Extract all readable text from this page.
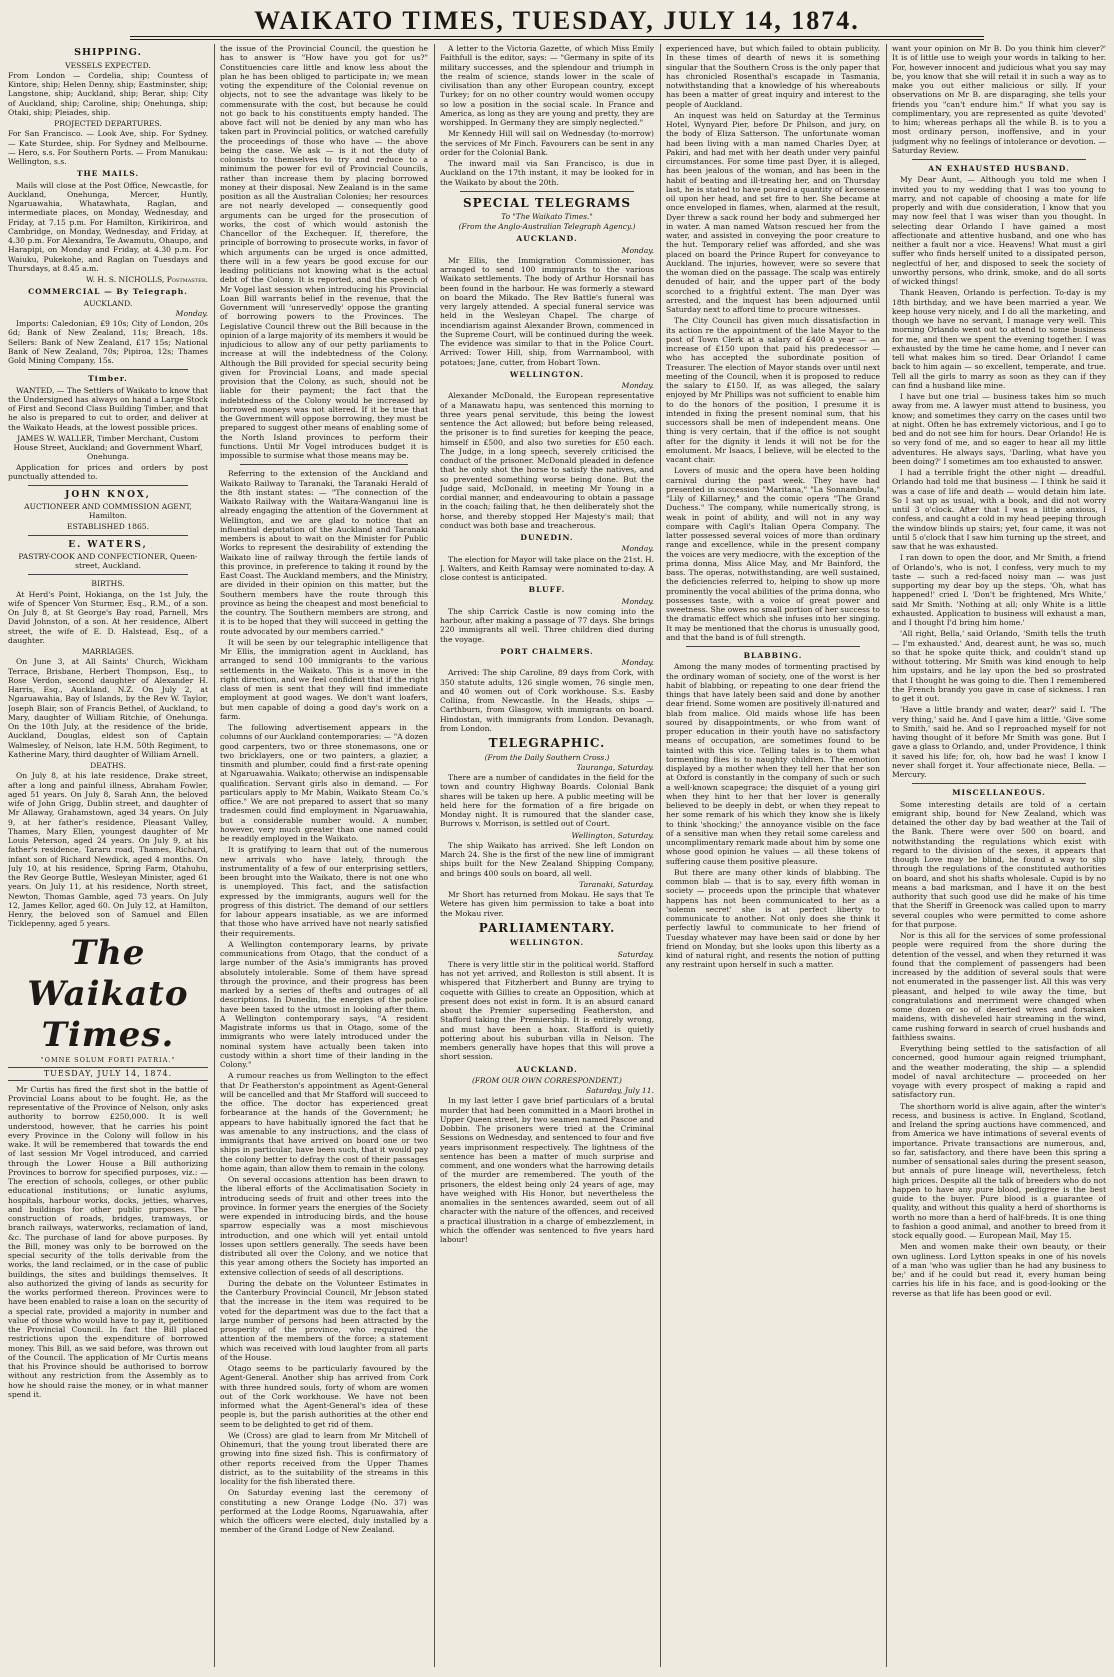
WAIKATO TIMES, TUESDAY, JULY 14, 1874.
SHIPPING.
VESSELS EXPECTED.

From London — Cordelia, ship; Countess of Kintore, ship; Helen Denny, ship; Eastminster, ship; Langstone, ship; Auckland, ship; Berar, ship; City of Auckland, ship; Caroline, ship; Onehunga, ship; Otaki, ship; Pleiades, ship.

PROJECTED DEPARTURES.

For San Francisco. — Look Ave, ship. For Sydney. — Kate Sturdee, ship. For Sydney and Melbourne. — Hero, s.s. For Southern Ports. — From Manukau: Wellington, s.s.

THE MAILS.

Mails will close at the Post Office, Newcastle, for Auckland, Onehunga, Mercer, Huntly, Ngaruawahia, Whatawhata, Raglan, and intermediate places, on Monday, Wednesday, and Friday, at 7.15 p.m. For Hamilton, Kirikiriroa, and Cambridge, on Monday, Wednesday, and Friday, at 4.30 p.m. For Alexandra, Te Awamutu, Ohaupo, and Harapipi, on Monday and Friday, at 4.30 p.m. For Waiuku, Pukekohe, and Raglan on Tuesdays and Thursdays, at 8.45 a.m.

W. H. S. NICHOLLS, Postmaster.
COMMERCIAL — By Telegraph.
AUCKLAND.
Monday.

Imports: Caledonian, £9 10s; City of London, 20s 6d; Bank of New Zealand, 11s; Breach, 18s. Sellers: Bank of New Zealand, £17 15s; National Bank of New Zealand, 70s; Pipiroa, 12s; Thames Gold Mining Company, 15s.

Timber.

WANTED, — The Settlers of Waikato to know that the Undersigned has always on hand a Large Stock of First and Second Class Building Timber, and that he also is prepared to cut to order, and deliver at the Waikato Heads, at the lowest possible prices.

JAMES W. WALLER, Timber Merchant, Custom House Street, Auckland; and Government Wharf, Onehunga.

Application for prices and orders by post punctually attended to.

JOHN KNOX,
AUCTIONEER AND COMMISSION AGENT, Hamilton.
ESTABLISHED 1865.
E. WATERS,
PASTRY-COOK AND CONFECTIONER, Queen-street, Auckland.
BIRTHS.

At Herd's Point, Hokianga, on the 1st July, the wife of Spencer Von Sturmer, Esq., R.M., of a son. On July 8, at St George's Bay road, Parnell, Mrs David Johnston, of a son. At her residence, Albert street, the wife of E. D. Halstead, Esq., of a daughter.

MARRIAGES.

On June 3, at All Saints' Church, Wickham Terrace, Brisbane, Herbert Thompson, Esq., to Rose Verdon, second daughter of Alexander H. Harris, Esq., Auckland, N.Z. On July 2, at Ngaruawahia, Bay of Islands, by the Rev W. Taylor, Joseph Blair, son of Francis Bethel, of Auckland, to Mary, daughter of William Ritchie, of Onehunga. On the 10th July, at the residence of the bride, Auckland, Douglas, eldest son of Captain Walmesley, of Nelson, late H.M. 50th Regiment, to Katherine Mary, third daughter of William Arnell.

DEATHS.

On July 8, at his late residence, Drake street, after a long and painful illness, Abraham Fowler, aged 51 years. On July 8, Sarah Ann, the beloved wife of John Grigg, Dublin street, and daughter of Mr Allaway, Grahamstown, aged 34 years. On July 9, at her father's residence, Pleasant Valley, Thames, Mary Ellen, youngest daughter of Mr Louis Peterson, aged 24 years. On July 9, at his father's residence, Tararu road, Thames, Richard, infant son of Richard Newdick, aged 4 months. On July 10, at his residence, Spring Farm, Otahuhu, the Rev George Buttle, Wesleyan Minister, aged 61 years. On July 11, at his residence, North street, Newton, Thomas Gamble, aged 73 years. On July 12, James Kellor, aged 60. On July 12, at Hamilton, Henry, the beloved son of Samuel and Ellen Ticklepenny, aged 5 years.

The Waikato Times.
"OMNE SOLUM FORTI PATRIA."
TUESDAY, JULY 14, 1874.

Mr Curtis has fired the first shot in the battle of Provincial Loans about to be fought. He, as the representative of the Province of Nelson, only asks authority to borrow £250,000. It is well understood, however, that he carries his point every Province in the Colony will follow in his wake. It will be remembered that towards the end of last session Mr Vogel introduced, and carried through the Lower House a Bill authorizing Provinces to borrow for specified purposes, viz.: — The erection of schools, colleges, or other public educational institutions; or lunatic asylums, hospitals, harbour works, docks, jetties, wharves, and buildings for other public purposes. The construction of roads, bridges, tramways, or branch railways, waterworks, reclamation of land, &c. The purchase of land for above purposes. By the Bill, money was only to be borrowed on the special security of the tolls derivable from the works, the land reclaimed, or in the case of public buildings, the sites and buildings themselves. It also authorized the giving of lands as security for the works performed thereon. Provinces were to have been enabled to raise a loan on the security of a special rate, provided a majority in number and value of those who would have to pay it, petitioned the Provincial Council. In fact the Bill placed restrictions upon the expenditure of borrowed money. This Bill, as we said before, was thrown out of the Council. The application of Mr Curtis means that his Province should be authorised to borrow without any restriction from the Assembly as to how he should raise the money, or in what manner spend it.

the issue of the Provincial Council, the question he has to answer is "How have you got for us?" Constituencies care little and know less about the plan he has been obliged to participate in; we mean voting the expenditure of the Colonial revenue on objects, not to see the advantage was likely to be commensurate with the cost, but because he could not go back to his constituents empty handed. The above fact will not be denied by any man who has taken part in Provincial politics, or watched carefully the proceedings of those who have — the above being the case. We ask — is it not the duty of colonists to themselves to try and reduce to a minimum the power for evil of Provincial Councils, rather than increase them by placing borrowed money at their disposal. New Zealand is in the same position as all the Australian Colonies; her resources are not nearly developed — consequently good arguments can be urged for the prosecution of works, the cost of which would astonish the Chancellor of the Exchequer. If, therefore, the principle of borrowing to prosecute works, in favor of which arguments can be urged is once admitted, there will in a few years be good excuse for our leading politicians not knowing what is the actual debt of the Colony. It is reported, and the speech of Mr Vogel last session when introducing his Provincial Loan Bill warrants belief in the revenue, that the Government will 'unreservedly' oppose the granting of borrowing powers to the Provinces. The Legislative Council threw out the Bill because in the opinion of a large majority of its members it would be injudicious to allow any of our petty parliaments to increase at will the indebtedness of the Colony. Although the Bill provided for special security being given for Provincial Loans, and made special provision that the Colony, as such, should not be liable for their payment; the fact that the indebtedness of the Colony would be increased by borrowed moneys was not altered. If it be true that the Government will oppose borrowing, they must be prepared to suggest other means of enabling some of the North Island provinces to perform their functions. Until Mr Vogel introduces budget it is impossible to surmise what those means may be.

Referring to the extension of the Auckland and Waikato Railway to Taranaki, the Taranaki Herald of the 8th instant states: — "The connection of the Waikato Railway with the Waitara-Wanganui line is already engaging the attention of the Government at Wellington, and we are glad to notice that an influential deputation of the Auckland and Taranaki members is about to wait on the Minister for Public Works to represent the desirability of extending the Waikato line of railway through the fertile lands of this province, in preference to taking it round by the East Coast. The Auckland members, and the Ministry, are divided in their opinion on this matter, but the Southern members have the route through this province as being the cheapest and most beneficial to the country. The Southern members are strong, and it is to be hoped that they will succeed in getting the route advocated by our members carried."

It will be seen by our telegraphic intelligence that Mr Ellis, the immigration agent in Auckland, has arranged to send 100 immigrants to the various settlements in the Waikato. This is a move in the right direction, and we feel confident that if the right class of men is sent that they will find immediate employment at good wages. We don't want loafers, but men capable of doing a good day's work on a farm.

The following advertisement appears in the columns of our Auckland contemporaries: — "A dozen good carpenters, two or three stonemasons, one or two bricklayers, one or two painters, a glazier, a tinsmith and plumber, could find a first-rate opening at Ngaruawahia. Waikato; otherwise an indispensable qualification. Servant girls also in demand. — For particulars apply to Mr Mabin, Waikato Steam Co.'s office." We are not prepared to assert that so many tradesmen could find employment in Ngaruawahia, but a considerable number would. A number, however, very much greater than one named could be readily employed in the Waikato.

It is gratifying to learn that out of the numerous new arrivals who have lately, through the instrumentality of a few of our enterprising settlers, been brought into the Waikato, there is not one who is unemployed. This fact, and the satisfaction expressed by the immigrants, augurs well for the progress of this district. The demand of our settlers for labour appears insatiable, as we are informed that those who have arrived have not nearly satisfied their requirements.

A Wellington contemporary learns, by private communications from Otago, that the conduct of a large number of the Asia's immigrants has proved absolutely intolerable. Some of them have spread through the province, and their progress has been marked by a series of thefts and outrages of all descriptions. In Dunedin, the energies of the police have been taxed to the utmost in looking after them. A Wellington contemporary says, "A resident Magistrate informs us that in Otago, some of the immigrants who were lately introduced under the nominal system have actually been taken into custody within a short time of their landing in the Colony."

A rumour reaches us from Wellington to the effect that Dr Featherston's appointment as Agent-General will be cancelled and that Mr Stafford will succeed to the office. The doctor has experienced great forbearance at the hands of the Government; he appears to have habitually ignored the fact that he was amenable to any instructions, and the class of immigrants that have arrived on board one or two ships in particular, have been such, that it would pay the colony better to defray the cost of their passages home again, than allow them to remain in the colony.

On several occasions attention has been drawn to the liberal efforts of the Acclimatisation Society in introducing seeds of fruit and other trees into the province. In former years the energies of the Society were expended in introducing birds, and the house sparrow especially was a most mischievous introduction, and one which will yet entail untold losses upon settlers generally. The seeds have been distributed all over the Colony, and we notice that this year among others the Society has imported an extensive collection of seeds of all descriptions.

During the debate on the Volunteer Estimates in the Canterbury Provincial Council, Mr Jebson stated that the increase in the item was required to be voted for the department was due to the fact that a large number of persons had been attracted by the prosperity of the province, who required the attention of the members of the force; a statement which was received with loud laughter from all parts of the House.

Otago seems to be particularly favoured by the Agent-General. Another ship has arrived from Cork with three hundred souls, forty of whom are women out of the Cork workhouse. We have not been informed what the Agent-General's idea of these people is, but the parish authorities at the other end seem to be delighted to get rid of them.

We (Cross) are glad to learn from Mr Mitchell of Ohinemuri, that the young trout liberated there are growing into fine sized fish. This is confirmatory of other reports received from the Upper Thames district, as to the suitability of the streams in this locality for the fish liberated there.

On Saturday evening last the ceremony of constituting a new Orange Lodge (No. 37) was performed at the Lodge Rooms, Ngaruawahia, after which the officers were elected, duly installed by a member of the Grand Lodge of New Zealand.

A letter to the Victoria Gazette, of which Miss Emily Faithfull is the editor, says: — "Germany in spite of its military successes, and the splendour and triumph in the realm of science, stands lower in the scale of civilisation than any other European country, except Turkey; for on no other country would women occupy so low a position in the social scale. In France and America, as long as they are young and pretty, they are worshipped. In Germany they are simply neglected."

Mr Kennedy Hill will sail on Wednesday (to-morrow) the services of Mr Finch. Favourers can be sent in any order for the Colonial Bank.

The inward mail via San Francisco, is due in Auckland on the 17th instant, it may be looked for in the Waikato by about the 20th.

SPECIAL TELEGRAMS
To "The Waikato Times."
(From the Anglo-Australian Telegraph Agency.)
AUCKLAND.
Monday.

Mr Ellis, the Immigration Commissioner, has arranged to send 100 immigrants to the various Waikato settlements. The body of Arthur Horsnail has been found in the harbour. He was formerly a steward on board the Mikado. The Rev Battle's funeral was very largely attended. A special funeral service was held in the Wesleyan Chapel. The charge of incendiarism against Alexander Brown, commenced in the Supreme Court, will be continued during the week. The evidence was similar to that in the Police Court. Arrived: Tower Hill, ship, from Warrnambool, with potatoes; Jane, cutter, from Hobart Town.

WELLINGTON.
Monday.

Alexander McDonald, the European representative of a Manawatu hapu, was sentenced this morning to three years penal servitude, this being the lowest sentence the Act allowed; but before being released, the prisoner is to find sureties for keeping the peace, himself in £500, and also two sureties for £50 each. The Judge, in a long speech, severely criticised the conduct of the prisoner. McDonald pleaded in defence that he only shot the horse to satisfy the natives, and so prevented something worse being done. But the Judge said, McDonald, in meeting Mr Young in a cordial manner, and endeavouring to obtain a passage in the coach; failing that, he then deliberately shot the horse, and thereby stopped Her Majesty's mail; that conduct was both base and treacherous.

DUNEDIN.
Monday.

The election for Mayor will take place on the 21st. H. J. Walters, and Keith Ramsay were nominated to-day. A close contest is anticipated.

BLUFF.
Monday.

The ship Carrick Castle is now coming into the harbour, after making a passage of 77 days. She brings 220 immigrants all well. Three children died during the voyage.

PORT CHALMERS.
Monday.

Arrived: The ship Caroline, 89 days from Cork, with 350 statute adults, 126 single women, 76 single men, and 40 women out of Cork workhouse. S.s. Easby Collina, from Newcastle. In the Heads, ships — Carthburn, from Glasgow, with immigrants on board. Hindostan, with immigrants from London. Devanagh, from London.

TELEGRAPHIC.
(From the Daily Southern Cross.)
Tauranga, Saturday.

There are a number of candidates in the field for the town and country Highway Boards. Colonial Bank shares will be taken up here. A public meeting will be held here for the formation of a fire brigade on Monday night. It is rumoured that the slander case, Burrows v. Morrison, is settled out of Court.

Wellington, Saturday.

The ship Waikato has arrived. She left London on March 24. She is the first of the new line of immigrant ships built for the New Zealand Shipping Company, and brings 400 souls on board, all well.

Taranaki, Saturday.

Mr Short has returned from Mokau. He says that Te Wetere has given him permission to take a boat into the Mokau river.

PARLIAMENTARY.
WELLINGTON.
Saturday.

There is very little stir in the political world. Stafford has not yet arrived, and Rolleston is still absent. It is whispered that Fitzherbert and Bunny are trying to coquette with Gillies to create an Opposition, which at present does not exist in form. It is an absurd canard about the Premier superseding Featherston, and Stafford taking the Premiership. It is entirely wrong, and must have been a hoax. Stafford is quietly pottering about his suburban villa in Nelson. The members generally have hopes that this will prove a short session.

AUCKLAND.
(FROM OUR OWN CORRESPONDENT.)
Saturday, July 11.

In my last letter I gave brief particulars of a brutal murder that had been committed in a Maori brothel in Upper Queen street, by two seamen named Pascoe and Dobbin. The prisoners were tried at the Criminal Sessions on Wednesday, and sentenced to four and five years imprisonment respectively. The lightness of the sentence has been a matter of much surprise and comment, and one wonders what the harrowing details of the murder are remembered. The youth of the prisoners, the eldest being only 24 years of age, may have weighed with His Honor, but nevertheless the anomalies in the sentences awarded, seem out of all character with the nature of the offences, and received a practical illustration in a charge of embezzlement, in which the offender was sentenced to five years hard labour!

experienced have, but which failed to obtain publicity. In these times of dearth of news it is something singular that the Southern Cross is the only paper that has chronicled Rosenthal's escapade in Tasmania, notwithstanding that a knowledge of his whereabouts has been a matter of great inquiry and interest to the people of Auckland.

An inquest was held on Saturday at the Terminus Hotel, Wynyard Pier, before Dr Philson, and jury, on the body of Eliza Satterson. The unfortunate woman had been living with a man named Charles Dyer, at Pakiri, and had met with her death under very painful circumstances. For some time past Dyer, it is alleged, has been jealous of the woman, and has been in the habit of beating and ill-treating her, and on Thursday last, he is stated to have poured a quantity of kerosene oil upon her head, and set fire to her. She became at once enveloped in flames, when, alarmed at the result, Dyer threw a sack round her body and submerged her in water. A man named Watson rescued her from the water, and assisted in conveying the poor creature to the hut. Temporary relief was afforded, and she was placed on board the Prince Rupert for conveyance to Auckland. The injuries, however, were so severe that the woman died on the passage. The scalp was entirely denuded of hair, and the upper part of the body scorched to a frightful extent. The man Dyer was arrested, and the inquest has been adjourned until Saturday next to afford time to procure witnesses.

The City Council has given much dissatisfaction in its action re the appointment of the late Mayor to the post of Town Clerk at a salary of £400 a year — an increase of £150 upon that paid his predecessor — who has accepted the subordinate position of Treasurer. The election of Mayor stands over until next meeting of the Council, when it is proposed to reduce the salary to £150. If, as was alleged, the salary enjoyed by Mr Phillips was not sufficient to enable him to do the honors of the position, I presume it is intended in fixing the present nominal sum, that his successors shall be men of independent means. One thing is very certain, that if the office is not sought after for the dignity it lends it will not be for the emolument. Mr Isaacs, I believe, will be elected to the vacant chair.

Lovers of music and the opera have been holding carnival during the past week. They have had presented in succession "Maritana," "La Sonnambula," "Lily of Killarney," and the comic opera "The Grand Duchess." The company, while numerically strong, is weak in point of ability, and will not in any way compare with Cagli's Italian Opera Company. The latter possessed several voices of more than ordinary range and excellence, while in the present company the voices are very mediocre, with the exception of the prima donna, Miss Alice May, and Mr Bainford, the bass. The operas, notwithstanding, are well sustained, the deficiencies referred to, helping to show up more prominently the vocal abilities of the prima donna, who possesses taste, with a voice of great power and sweetness. She owes no small portion of her success to the dramatic effect which she infuses into her singing. It may be mentioned that the chorus is unusually good, and that the band is of full strength.

BLABBING.

Among the many modes of tormenting practised by the ordinary woman of society, one of the worst is her habit of blabbing, or repeating to one dear friend the things that have lately been said and done by another dear friend. Some women are positively ill-natured and blab from malice. Old maids whose life has been soured by disappointments, or who from want of proper education in their youth have no satisfactory means of occupation, are sometimes found to be tainted with this vice. Telling tales is to them what tormenting flies is to naughty children. The emotion displayed by a mother when they tell her that her son at Oxford is constantly in the company of such or such a well-known scapegrace; the disquiet of a young girl when they hint to her that her lover is generally believed to be deeply in debt, or when they repeat to her some remark of his which they know she is likely to think 'shocking;' the annoyance visible on the face of a sensitive man when they retail some careless and uncomplimentary remark made about him by some one whose good opinion he values — all these tokens of suffering cause them positive pleasure.

But there are many other kinds of blabbing. The common blab — that is to say, every fifth woman in society — proceeds upon the principle that whatever happens has not been communicated to her as a 'solemn secret' she is at perfect liberty to communicate to another. Not only does she think it perfectly lawful to communicate to her friend of Tuesday whatever may have been said or done by her friend on Monday, but she looks upon this liberty as a kind of natural right, and resents the notion of putting any restraint upon herself in such a matter.

want your opinion on Mr B. Do you think him clever?' It is of little use to weigh your words in talking to her. For, however innocent and judicious what you say may be, you know that she will retail it in such a way as to make you out either malicious or silly. If your observations on Mr B. are disparaging, she tells your friends you "can't endure him." If what you say is complimentary, you are represented as quite 'devoted' to him; whereas perhaps all the while B. is to you a most ordinary person, inoffensive, and in your judgment why no feelings of intolerance or devotion. — Saturday Review.

AN EXHAUSTED HUSBAND.

My Dear Aunt, — Although you told me when I invited you to my wedding that I was too young to marry, and not capable of choosing a mate for life properly and with due consideration, I know that you may now feel that I was wiser than you thought. In selecting dear Orlando I have gained a most affectionate and attentive husband, and one who has neither a fault nor a vice. Heavens! What must a girl suffer who finds herself united to a dissipated person, neglectful of her, and disposed to seek the society of unworthy persons, who drink, smoke, and do all sorts of wicked things!

Thank Heaven, Orlando is perfection. To-day is my 18th birthday, and we have been married a year. We keep house very nicely, and I do all the marketing, and though we have no servant, I manage very well. This morning Orlando went out to attend to some business for me, and then we spent the evening together. I was exhausted by the time he came home, and I never can tell what makes him so tired. Dear Orlando! I came back to him again — so excellent, temperate, and true. Tell all the girls to marry as soon as they can if they can find a husband like mine.

I have but one trial — business takes him so much away from me. A lawyer must attend to business, you know; and sometimes they carry on the cases until two at night. Often he has extremely victorious, and I go to bed and do not see him for hours. Dear Orlando! He is so very fond of me, and so eager to hear all my little adventures. He always says, 'Darling, what have you been doing?' I sometimes am too exhausted to answer.

I had a terrible fright the other night — dreadful. Orlando had told me that business — I think he said it was a case of life and death — would detain him late. So I sat up as usual, with a book, and did not worry until 3 o'clock. After that I was a little anxious, I confess, and caught a cold in my head peeping through the window blinds up stairs; yet, four came, it was not until 5 o'clock that I saw him turning up the street, and saw that he was exhausted.

I ran down to open the door, and Mr Smith, a friend of Orlando's, who is not, I confess, very much to my taste — such a red-faced noisy man — was just supporting my dear boy up the steps. 'Oh, what has happened!' cried I. 'Don't be frightened, Mrs White,' said Mr Smith. 'Nothing at all; only White is a little exhausted. Application to business will exhaust a man, and I thought I'd bring him home.'

'All right, Bella,' said Orlando, 'Smith tells the truth — I'm exhausted.' And, dearest aunt, he was so, much so that he spoke quite thick, and couldn't stand up without tottering. Mr Smith was kind enough to help him upstairs, and he lay upon the bed so prostrated that I thought he was going to die. Then I remembered the French brandy you gave in case of sickness. I ran to get it out.

'Have a little brandy and water, dear?' said I. 'The very thing,' said he. And I gave him a little. 'Give some to Smith,' said he. And so I reproached myself for not having thought of it before Mr Smith was gone. But I gave a glass to Orlando, and, under Providence, I think it saved his life; for, oh, how bad he was! I know I never shall forget it. Your affectionate niece, Bella. — Mercury.

MISCELLANEOUS.

Some interesting details are told of a certain emigrant ship, bound for New Zealand, which was detained the other day by bad weather at the Tail of the Bank. There were over 500 on board, and notwithstanding the regulations which exist with regard to the division of the sexes, it appears that though Love may be blind, he found a way to slip through the regulations of the constituted authorities on board, and shot his shafts wholesale. Cupid is by no means a bad marksman, and I have it on the best authority that such good use did he make of his time that the Sheriff in Greenock was called upon to marry several couples who were permitted to come ashore for that purpose.

Nor is this all for the services of some professional people were required from the shore during the detention of the vessel, and when they returned it was found that the complement of passengers had been increased by the addition of several souls that were not enumerated in the passenger list. All this was very pleasant, and helped to wile away the time, but congratulations and merriment were changed when some dozen or so of deserted wives and forsaken maidens, with disheveled hair streaming in the wind, came rushing forward in search of cruel husbands and faithless swains.

Everything being settled to the satisfaction of all concerned, good humour again reigned triumphant, and the weather moderating, the ship — a splendid model of naval architecture — proceeded on her voyage with every prospect of making a rapid and satisfactory run.

The shorthorn world is alive again, after the winter's recess, and business is active. In England, Scotland, and Ireland the spring auctions have commenced, and from America we have intimations of several events of importance. Private transactions are numerous, and, so far, satisfactory, and there have been this spring a number of sensational sales during the present season, but annals of pure lineage will, nevertheless, fetch high prices. Despite all the talk of breeders who do not happen to have any pure blood, pedigree is the best guide to the buyer. Pure blood is a guarantee of quality, and without this quality a herd of shorthorns is worth no more than a herd of half-breds. It is one thing to fashion a good animal, and another to breed from it stock equally good. — European Mail, May 15.

Men and women make their own beauty, or their own ugliness. Lord Lytton speaks in one of his novels of a man 'who was uglier than he had any business to be;' and if he could but read it, every human being carries his life in his face, and is good-looking or the reverse as that life has been good or evil.
